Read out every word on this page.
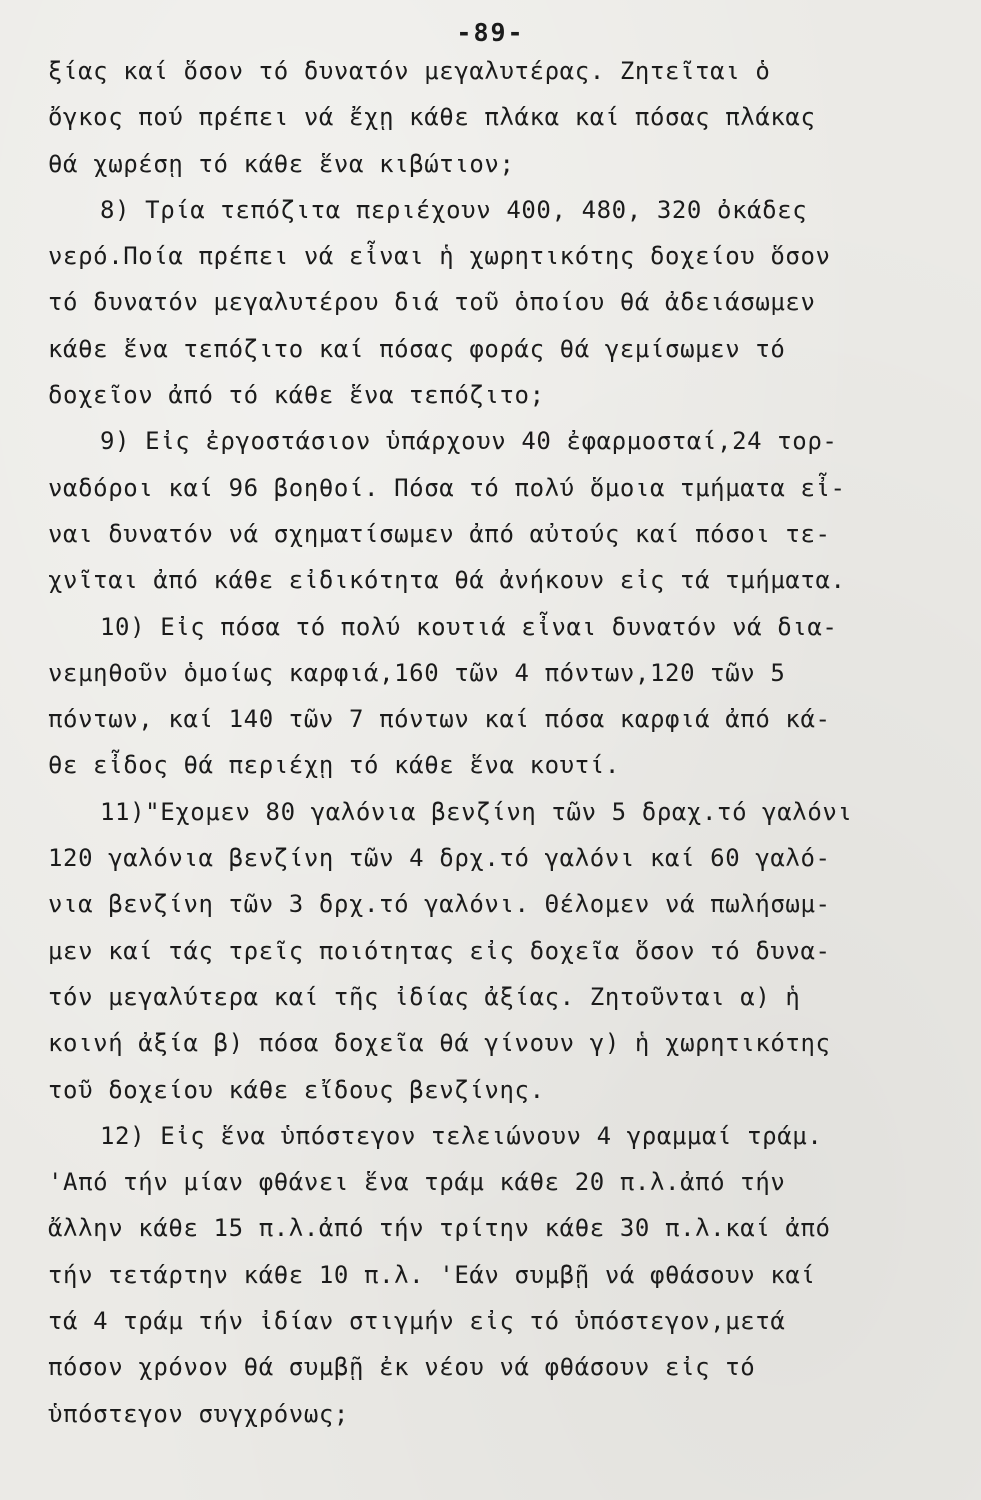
-89-
ξίας καί ὅσον τό δυνατόν μεγαλυτέρας. Ζητεῖται ὁ
ὄγκος πού πρέπει νά ἔχῃ κάθε πλάκα καί πόσας πλάκας
θά χωρέσῃ τό κάθε ἕνα κιβώτιον;
8) Τρία τεπόζιτα περιέχουν 400, 480, 320 ὀκάδες
νερό.Ποία πρέπει νά εἶναι ἡ χωρητικότης δοχείου ὅσον
τό δυνατόν μεγαλυτέρου διά τοῦ ὁποίου θά ἀδειάσωμεν
κάθε ἕνα τεπόζιτο καί πόσας φοράς θά γεμίσωμεν τό
δοχεῖον ἀπό τό κάθε ἕνα τεπόζιτο;
9) Εἰς ἐργοστάσιον ὑπάρχουν 40 ἐφαρμοσταί,24 τορ-
ναδόροι καί 96 βοηθοί. Πόσα τό πολύ ὅμοια τμήματα εἶ-
ναι δυνατόν νά σχηματίσωμεν ἀπό αὐτούς καί πόσοι τε-
χνῖται ἀπό κάθε εἰδικότητα θά ἀνήκουν εἰς τά τμήματα.
10) Εἰς πόσα τό πολύ κουτιά εἶναι δυνατόν νά δια-
νεμηθοῦν ὁμοίως καρφιά,160 τῶν 4 πόντων,120 τῶν 5
πόντων, καί 140 τῶν 7 πόντων καί πόσα καρφιά ἀπό κά-
θε εἶδος θά περιέχῃ τό κάθε ἕνα κουτί.
11)"Εχομεν 80 γαλόνια βενζίνη τῶν 5 δραχ.τό γαλόνι
120 γαλόνια βενζίνη τῶν 4 δρχ.τό γαλόνι καί 60 γαλό-
νια βενζίνη τῶν 3 δρχ.τό γαλόνι. Θέλομεν νά πωλήσωμ-
μεν καί τάς τρεῖς ποιότητας εἰς δοχεῖα ὅσον τό δυνα-
τόν μεγαλύτερα καί τῆς ἰδίας ἀξίας. Ζητοῦνται α) ἡ
κοινή ἀξία β) πόσα δοχεῖα θά γίνουν γ) ἡ χωρητικότης
τοῦ δοχείου κάθε εἴδους βενζίνης.
12) Εἰς ἕνα ὑπόστεγον τελειώνουν 4 γραμμαί τράμ.
'Από τήν μίαν φθάνει ἕνα τράμ κάθε 20 π.λ.ἀπό τήν
ἄλλην κάθε 15 π.λ.ἀπό τήν τρίτην κάθε 30 π.λ.καί ἀπό
τήν τετάρτην κάθε 10 π.λ. 'Εάν συμβῇ νά φθάσουν καί
τά 4 τράμ τήν ἰδίαν στιγμήν εἰς τό ὑπόστεγον,μετά
πόσον χρόνον θά συμβῇ ἐκ νέου νά φθάσουν εἰς τό
ὑπόστεγον συγχρόνως;
